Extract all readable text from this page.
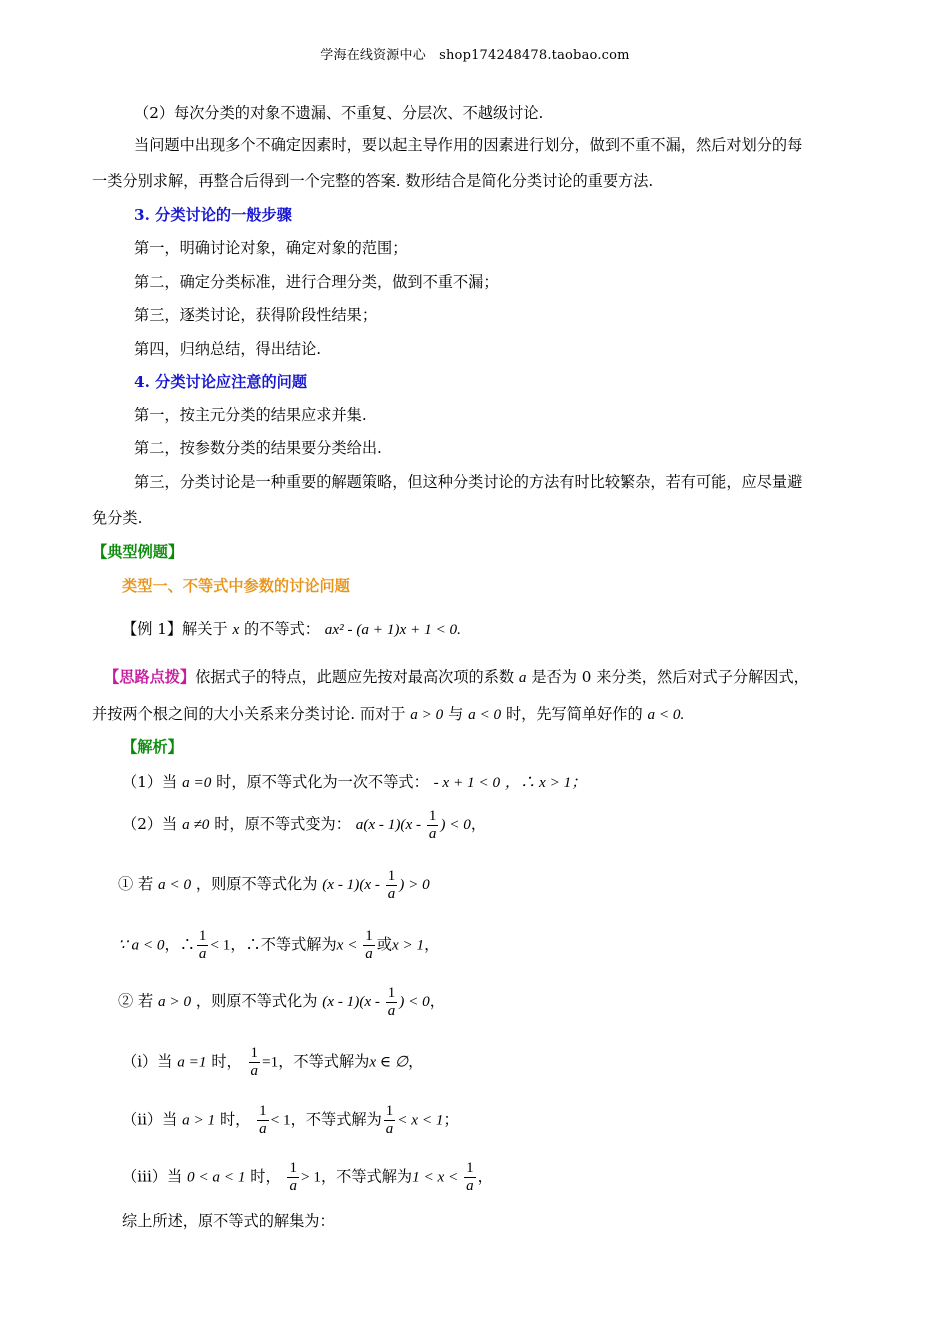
学海在线资源中心　shop174248478.taobao.com
（2）每次分类的对象不遗漏、不重复、分层次、不越级讨论.
当问题中出现多个不确定因素时，要以起主导作用的因素进行划分，做到不重不漏，然后对划分的每
一类分别求解，再整合后得到一个完整的答案. 数形结合是简化分类讨论的重要方法.
3. 分类讨论的一般步骤
第一，明确讨论对象，确定对象的范围；
第二，确定分类标准，进行合理分类，做到不重不漏；
第三，逐类讨论，获得阶段性结果；
第四，归纳总结，得出结论.
4. 分类讨论应注意的问题
第一，按主元分类的结果应求并集.
第二，按参数分类的结果要分类给出.
第三，分类讨论是一种重要的解题策略，但这种分类讨论的方法有时比较繁杂，若有可能，应尽量避
免分类.
【典型例题】
类型一、不等式中参数的讨论问题
【例 1】解关于 x 的不等式： ax² - (a + 1)x + 1 < 0.
【思路点拨】依据式子的特点，此题应先按对最高次项的系数 a 是否为 0 来分类，然后对式子分解因式，
并按两个根之间的大小关系来分类讨论. 而对于 a > 0 与 a < 0 时，先写简单好作的 a < 0.
【解析】
（1）当 a =0 时，原不等式化为一次不等式： - x + 1 < 0 ，∴ x > 1；
（2）当 a ≠0 时，原不等式变为： $a(x - 1)(x - \frac{1}{a}$ ) < 0，
① 若 a < 0 ，则原不等式化为 $(x - 1)(x - \frac{1}{a}$ ) > 0
∵ a < 0，∴ $\frac{1}{a} < 1$，∴不等式解为$x < \frac{1}{a}$ 或x > 1，
② 若 a > 0 ，则原不等式化为 $(x - 1)(x - \frac{1}{a}$ ) < 0，
（ⅰ）当 a =1 时， $\frac{1}{a} =1$，不等式解为x ∈ ∅，
（ⅱ）当 a > 1 时， $\frac{1}{a} < 1$，不等式解为 $\frac{1}{a} < x < 1$；
（ⅲ）当 0 < a < 1 时， $\frac{1}{a} > 1$，不等式解为$1 < x < \frac{1}{a}$ ，
综上所述，原不等式的解集为：
